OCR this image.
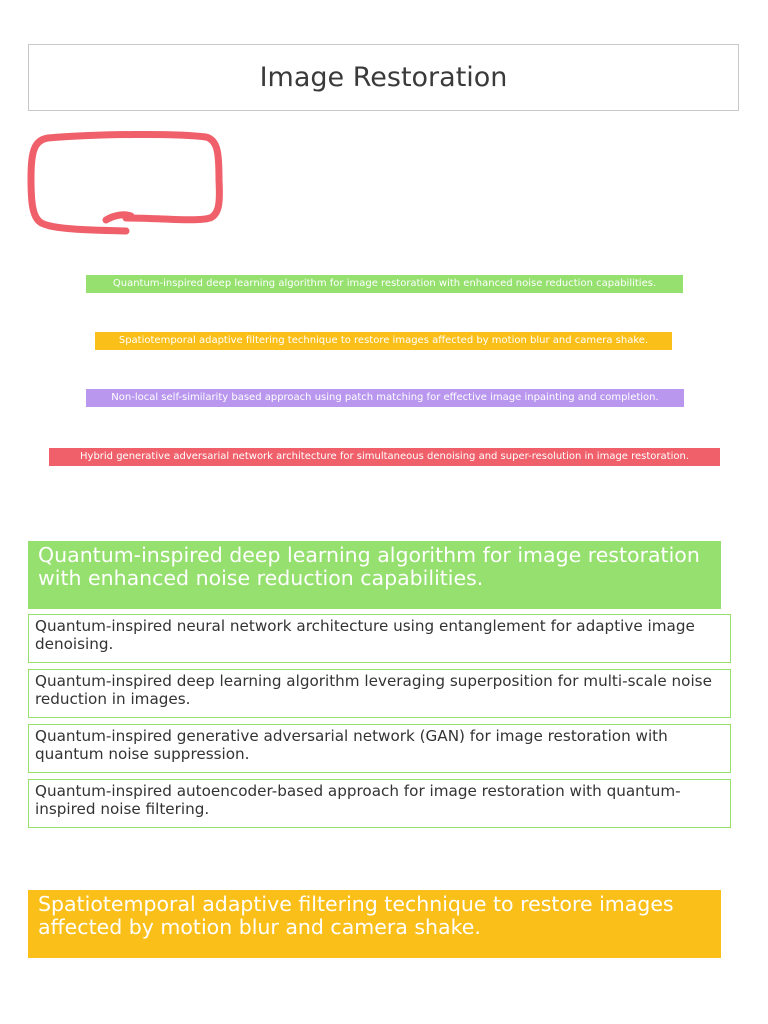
Image Restoration
Quantum-inspired deep learning algorithm for image restoration with enhanced noise reduction capabilities.
Spatiotemporal adaptive filtering technique to restore images affected by motion blur and camera shake.
Non-local self-similarity based approach using patch matching for effective image inpainting and completion.
Hybrid generative adversarial network architecture for simultaneous denoising and super-resolution in image restoration.
Quantum-inspired deep learning algorithm for image restoration with enhanced noise reduction capabilities.
Quantum-inspired neural network architecture using entanglement for adaptive image denoising.
Quantum-inspired deep learning algorithm leveraging superposition for multi-scale noise reduction in images.
Quantum-inspired generative adversarial network (GAN) for image restoration with quantum noise suppression.
Quantum-inspired autoencoder-based approach for image restoration with quantum-inspired noise filtering.
Spatiotemporal adaptive filtering technique to restore images affected by motion blur and camera shake.
